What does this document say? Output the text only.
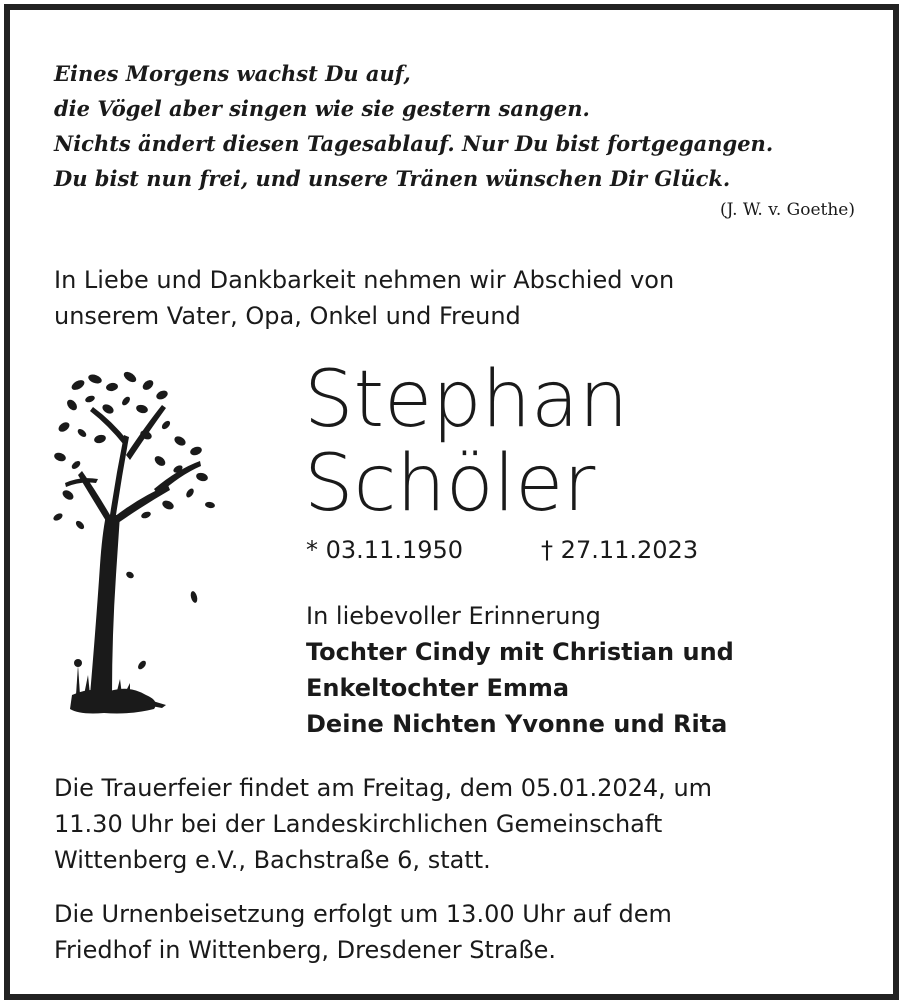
Eines Morgens wachst Du auf,
die Vögel aber singen wie sie gestern sangen.
Nichts ändert diesen Tagesablauf. Nur Du bist fortgegangen.
Du bist nun frei, und unsere Tränen wünschen Dir Glück.
(J. W. v. Goethe)
In Liebe und Dankbarkeit nehmen wir Abschied von
unserem Vater, Opa, Onkel und Freund
Stephan
Schöler
* 03.11.1950	† 27.11.2023
In liebevoller Erinnerung
Tochter Cindy mit Christian und
Enkeltochter Emma
Deine Nichten Yvonne und Rita
Die Trauerfeier findet am Freitag, dem 05.01.2024, um
11.30 Uhr bei der Landeskirchlichen Gemeinschaft
Wittenberg e.V., Bachstraße 6, statt.
Die Urnenbeisetzung erfolgt um 13.00 Uhr auf dem
Friedhof in Wittenberg, Dresdener Straße.
